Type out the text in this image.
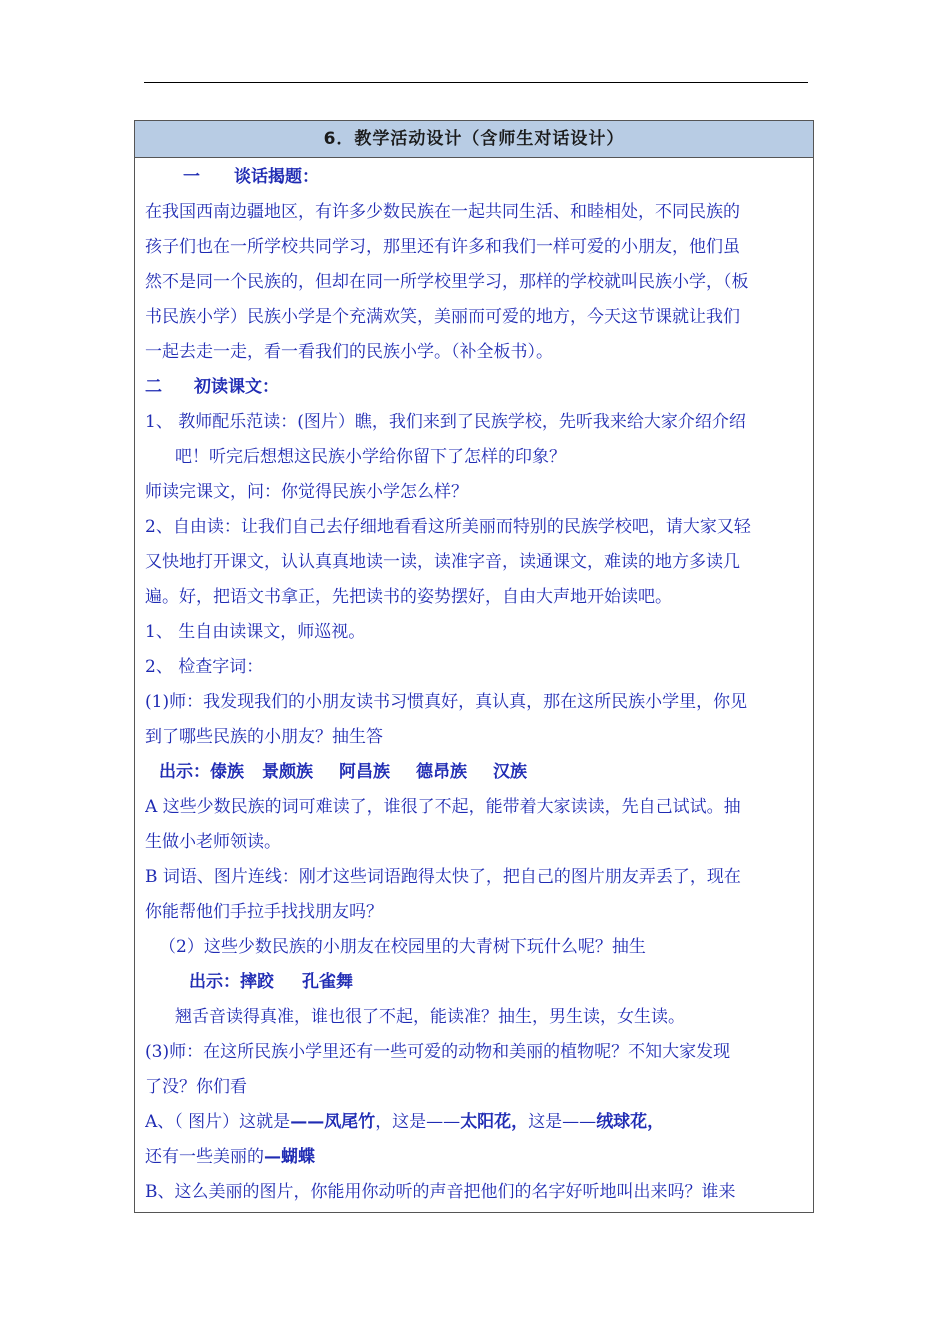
6．教学活动设计（含师生对话设计）

一 谈话揭题：
在我国西南边疆地区，有许多少数民族在一起共同生活、和睦相处，不同民族的
孩子们也在一所学校共同学习，那里还有许多和我们一样可爱的小朋友，他们虽
然不是同一个民族的，但却在同一所学校里学习，那样的学校就叫民族小学，（板
书民族小学）民族小学是个充满欢笑，美丽而可爱的地方，今天这节课就让我们
一起去走一走，看一看我们的民族小学。（补全板书）。
二 初读课文：
1、 教师配乐范读：(图片）瞧，我们来到了民族学校，先听我来给大家介绍介绍
吧！听完后想想这民族小学给你留下了怎样的印象？
师读完课文，问：你觉得民族小学怎么样？
2、自由读：让我们自己去仔细地看看这所美丽而特别的民族学校吧，请大家又轻
又快地打开课文，认认真真地读一读，读准字音，读通课文，难读的地方多读几
遍。好，把语文书拿正，先把读书的姿势摆好，自由大声地开始读吧。
1、 生自由读课文，师巡视。
2、 检查字词：
(1)师：我发现我们的小朋友读书习惯真好，真认真，那在这所民族小学里，你见
到了哪些民族的小朋友？抽生答
出示：傣族 景颇族 阿昌族 德昂族 汉族
A 这些少数民族的词可难读了，谁很了不起，能带着大家读读，先自己试试。抽
生做小老师领读。
B 词语、图片连线：刚才这些词语跑得太快了，把自己的图片朋友弄丢了，现在
你能帮他们手拉手找找朋友吗？
（2）这些少数民族的小朋友在校园里的大青树下玩什么呢？抽生
出示：摔跤 孔雀舞
翘舌音读得真准，谁也很了不起，能读准？抽生，男生读，女生读。
(3)师：在这所民族小学里还有一些可爱的动物和美丽的植物呢？不知大家发现
了没？你们看
A、（ 图片）这就是——凤尾竹，这是——太阳花，这是——绒球花，
还有一些美丽的—蝴蝶
B、这么美丽的图片，你能用你动听的声音把他们的名字好听地叫出来吗？谁来
